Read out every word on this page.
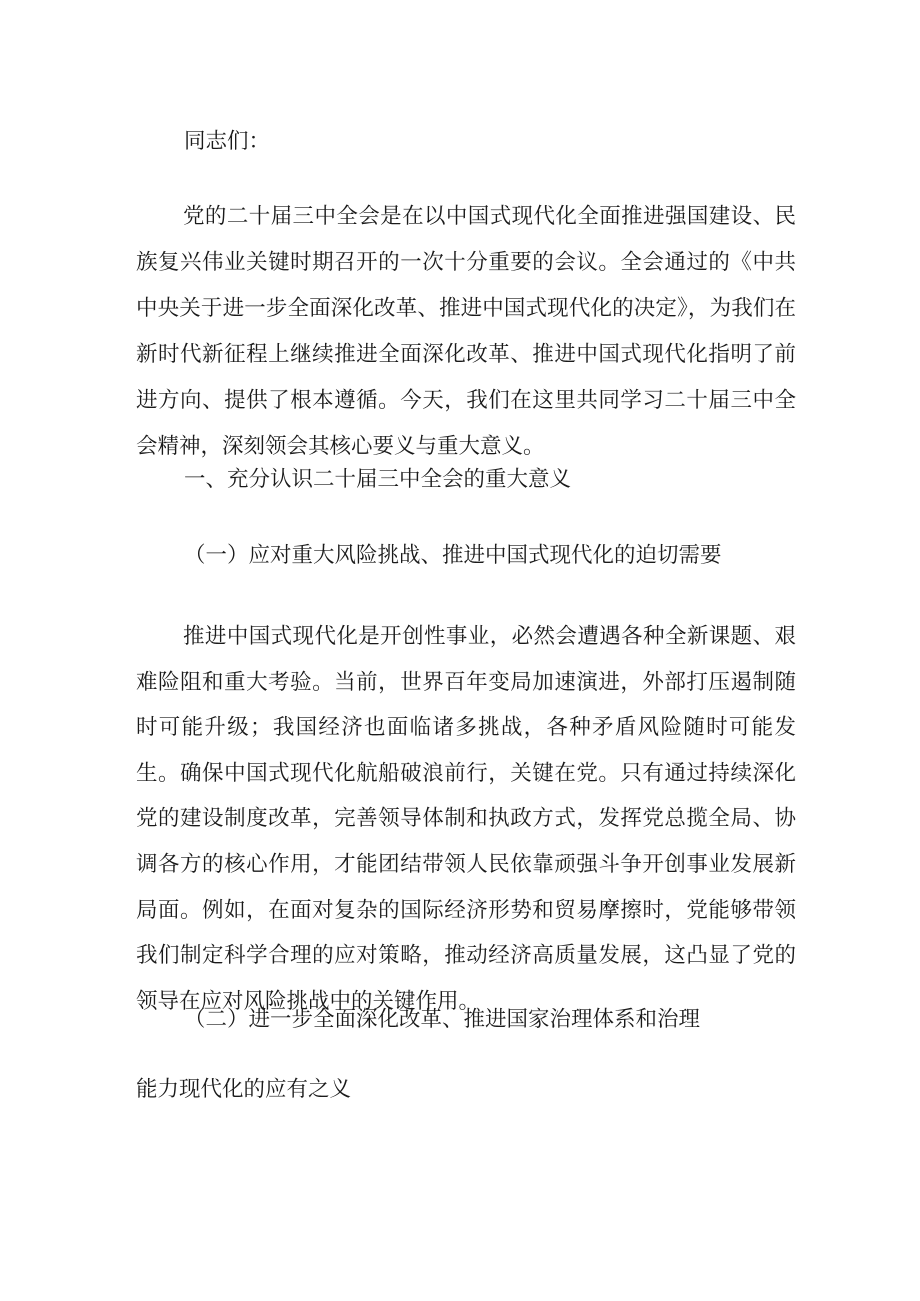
同志们：

党的二十届三中全会是在以中国式现代化全面推进强国建设、民族复兴伟业关键时期召开的一次十分重要的会议。全会通过的《中共中央关于进一步全面深化改革、推进中国式现代化的决定》，为我们在新时代新征程上继续推进全面深化改革、推进中国式现代化指明了前进方向、提供了根本遵循。今天，我们在这里共同学习二十届三中全会精神，深刻领会其核心要义与重大意义。

一、充分认识二十届三中全会的重大意义

（一）应对重大风险挑战、推进中国式现代化的迫切需要

推进中国式现代化是开创性事业，必然会遭遇各种全新课题、艰难险阻和重大考验。当前，世界百年变局加速演进，外部打压遏制随时可能升级；我国经济也面临诸多挑战，各种矛盾风险随时可能发生。确保中国式现代化航船破浪前行，关键在党。只有通过持续深化党的建设制度改革，完善领导体制和执政方式，发挥党总揽全局、协调各方的核心作用，才能团结带领人民依靠顽强斗争开创事业发展新局面。例如，在面对复杂的国际经济形势和贸易摩擦时，党能够带领我们制定科学合理的应对策略，推动经济高质量发展，这凸显了党的领导在应对风险挑战中的关键作用。

（二）进一步全面深化改革、推进国家治理体系和治理

能力现代化的应有之义
